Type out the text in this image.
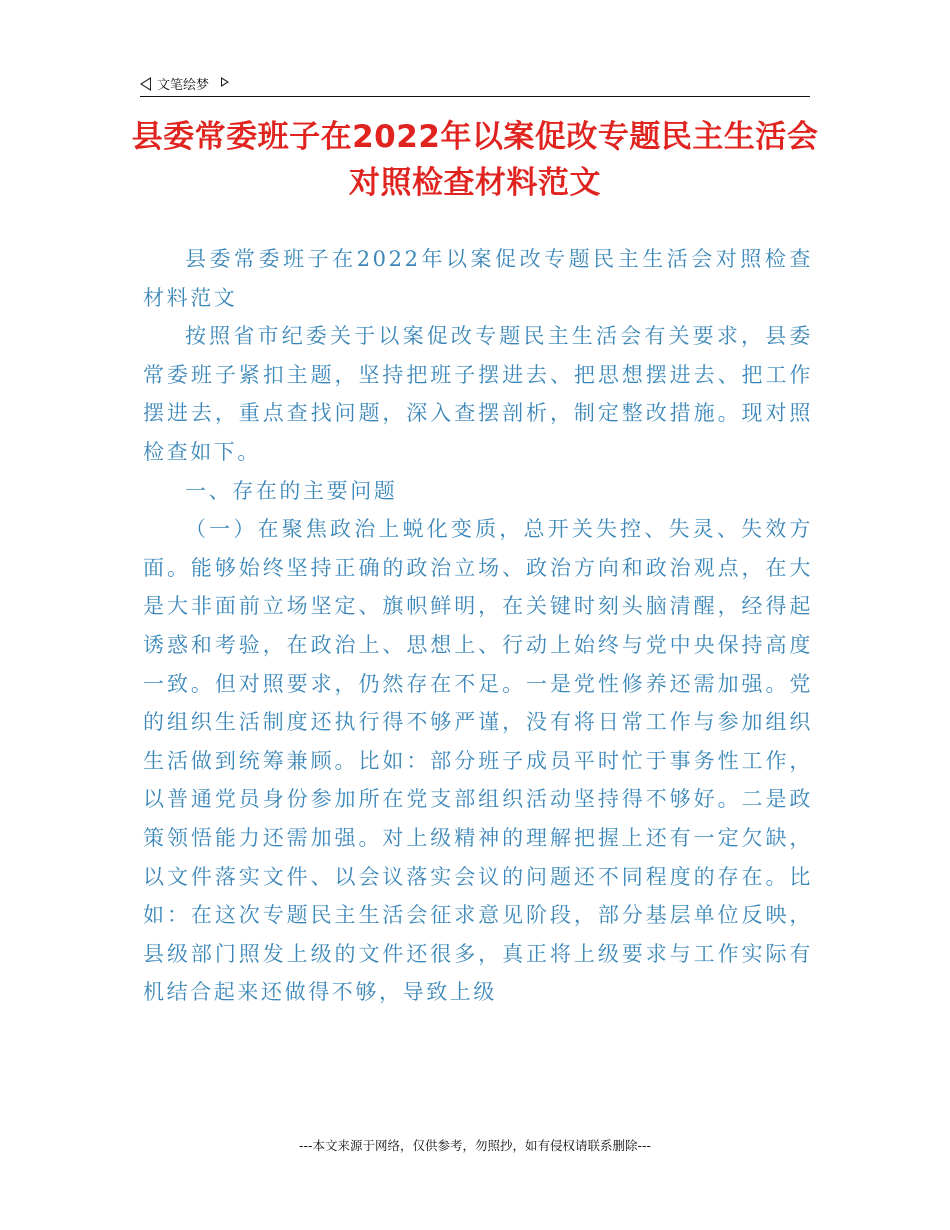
文笔绘梦
县委常委班子在2022年以案促改专题民主生活会对照检查材料范文

县委常委班子在2022年以案促改专题民主生活会对照检查材料范文

按照省市纪委关于以案促改专题民主生活会有关要求，县委常委班子紧扣主题，坚持把班子摆进去、把思想摆进去、把工作摆进去，重点查找问题，深入查摆剖析，制定整改措施。现对照检查如下。

一、存在的主要问题

（一）在聚焦政治上蜕化变质，总开关失控、失灵、失效方面。能够始终坚持正确的政治立场、政治方向和政治观点，在大是大非面前立场坚定、旗帜鲜明，在关键时刻头脑清醒，经得起诱惑和考验，在政治上、思想上、行动上始终与党中央保持高度一致。但对照要求，仍然存在不足。一是党性修养还需加强。党的组织生活制度还执行得不够严谨，没有将日常工作与参加组织生活做到统筹兼顾。比如：部分班子成员平时忙于事务性工作，以普通党员身份参加所在党支部组织活动坚持得不够好。二是政策领悟能力还需加强。对上级精神的理解把握上还有一定欠缺，以文件落实文件、以会议落实会议的问题还不同程度的存在。比如：在这次专题民主生活会征求意见阶段，部分基层单位反映，县级部门照发上级的文件还很多，真正将上级要求与工作实际有机结合起来还做得不够，导致上级

---本文来源于网络，仅供参考，勿照抄，如有侵权请联系删除---
